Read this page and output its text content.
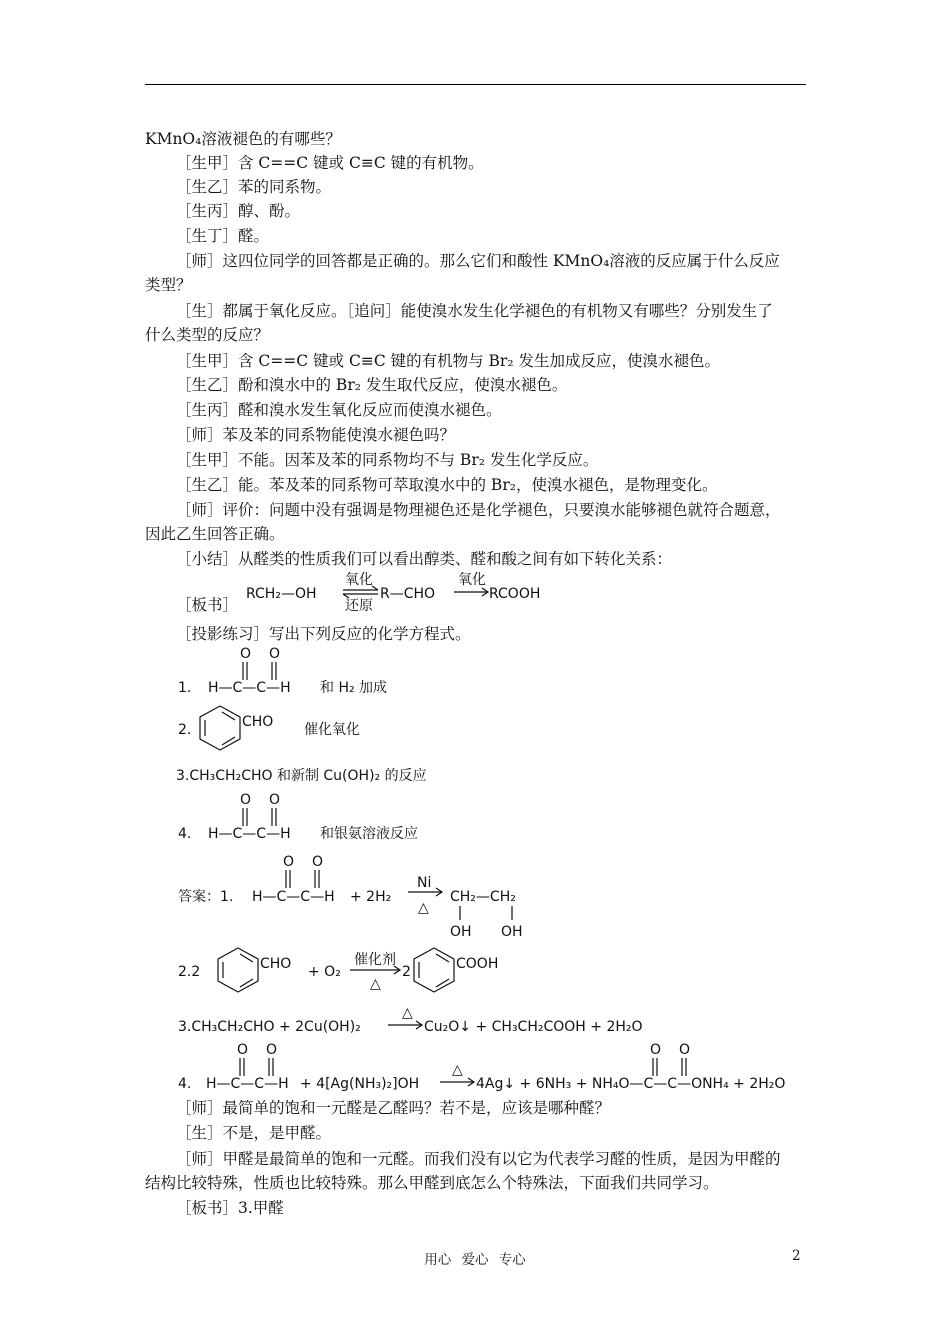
KMnO₄溶液褪色的有哪些？
［生甲］含 C==C 键或 C≡C 键的有机物。
［生乙］苯的同系物。
［生丙］醇、酚。
［生丁］醛。
［师］这四位同学的回答都是正确的。那么它们和酸性 KMnO₄溶液的反应属于什么反应
类型？
［生］都属于氧化反应。［追问］能使溴水发生化学褪色的有机物又有哪些？分别发生了
什么类型的反应？
［生甲］含 C==C 键或 C≡C 键的有机物与 Br₂ 发生加成反应，使溴水褪色。
［生乙］酚和溴水中的 Br₂ 发生取代反应，使溴水褪色。
［生丙］醛和溴水发生氧化反应而使溴水褪色。
［师］苯及苯的同系物能使溴水褪色吗？
［生甲］不能。因苯及苯的同系物均不与 Br₂ 发生化学反应。
［生乙］能。苯及苯的同系物可萃取溴水中的 Br₂，使溴水褪色，是物理变化。
［师］评价：问题中没有强调是物理褪色还是化学褪色，只要溴水能够褪色就符合题意，
因此乙生回答正确。
［小结］从醛类的性质我们可以看出醇类、醛和酸之间有如下转化关系：
［板书］
［投影练习］写出下列反应的化学方程式。
RCH₂—OH
氧化
还原
R—CHO
氧化
RCOOH
1.
O O
H—C—C—H 和 H₂ 加成
2.	CHO 催化氧化
3.CH₃CH₂CHO 和新制 Cu(OH)₂ 的反应
4.
O O
H—C—C—H 和银氨溶液反应
答案：1.
O O
H—C—C—H + 2H₂
Ni
△
CH₂—CH₂
OH OH
2.2	CHO + O₂
催化剂
△
2	COOH
3.CH₃CH₂CHO + 2Cu(OH)₂
△
Cu₂O↓ + CH₃CH₂COOH + 2H₂O
4.
O O
H—C—C—H + 4[Ag(NH₃)₂]OH
△
4Ag↓ + 6NH₃ + NH₄O—C—C—ONH₄ + 2H₂O
O O
［师］最简单的饱和一元醛是乙醛吗？若不是，应该是哪种醛？
［生］不是，是甲醛。
［师］甲醛是最简单的饱和一元醛。而我们没有以它为代表学习醛的性质，是因为甲醛的
结构比较特殊，性质也比较特殊。那么甲醛到底怎么个特殊法，下面我们共同学习。
［板书］3.甲醛
用心 爱心 专心	2
